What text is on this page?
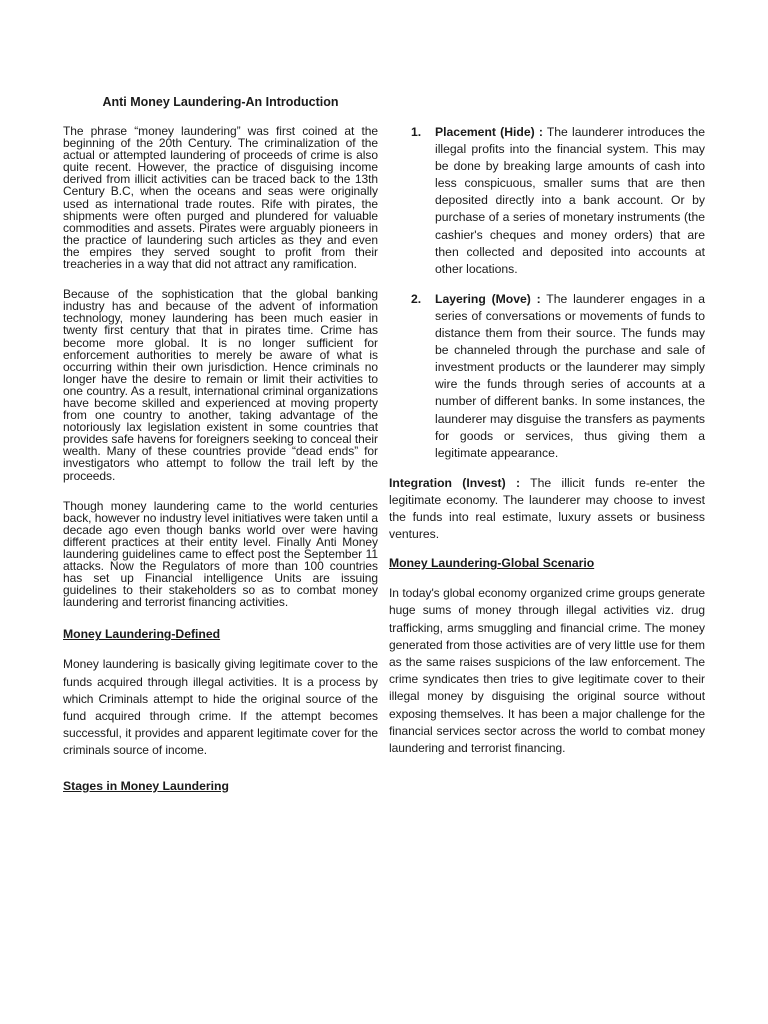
Anti Money Laundering-An Introduction

The phrase “money laundering” was first coined at the beginning of the 20th Century. The criminalization of the actual or attempted laundering of proceeds of crime is also quite recent. However, the practice of disguising income derived from illicit activities can be traced back to the 13th Century B.C, when the oceans and seas were originally used as international trade routes. Rife with pirates, the shipments were often purged and plundered for valuable commodities and assets. Pirates were arguably pioneers in the practice of laundering such articles as they and even the empires they served sought to profit from their treacheries in a way that did not attract any ramification.

Because of the sophistication that the global banking industry has and because of the advent of information technology, money laundering has been much easier in twenty first century that that in pirates time. Crime has become more global. It is no longer sufficient for enforcement authorities to merely be aware of what is occurring within their own jurisdiction. Hence criminals no longer have the desire to remain or limit their activities to one country. As a result, international criminal organizations have become skilled and experienced at moving property from one country to another, taking advantage of the notoriously lax legislation existent in some countries that provides safe havens for foreigners seeking to conceal their wealth. Many of these countries provide “dead ends” for investigators who attempt to follow the trail left by the proceeds.

Though money laundering came to the world centuries back, however no industry level initiatives were taken until a decade ago even though banks world over were having different practices at their entity level. Finally Anti Money laundering guidelines came to effect post the September 11 attacks. Now the Regulators of more than 100 countries has set up Financial intelligence Units are issuing guidelines to their stakeholders so as to combat money laundering and terrorist financing activities.

Money Laundering-Defined

Money laundering is basically giving legitimate cover to the funds acquired through illegal activities. It is a process by which Criminals attempt to hide the original source of the fund acquired through crime. If the attempt becomes successful, it provides and apparent legitimate cover for the criminals source of income.

Stages in Money Laundering
1. Placement (Hide) : The launderer introduces the illegal profits into the financial system. This may be done by breaking large amounts of cash into less conspicuous, smaller sums that are then deposited directly into a bank account. Or by purchase of a series of monetary instruments (the cashier's cheques and money orders) that are then collected and deposited into accounts at other locations.
2. Layering (Move) : The launderer engages in a series of conversations or movements of funds to distance them from their source. The funds may be channeled through the purchase and sale of investment products or the launderer may simply wire the funds through series of accounts at a number of different banks. In some instances, the launderer may disguise the transfers as payments for goods or services, thus giving them a legitimate appearance.

Integration (Invest) : The illicit funds re-enter the legitimate economy. The launderer may choose to invest the funds into real estimate, luxury assets or business ventures.

Money Laundering-Global Scenario

In today's global economy organized crime groups generate huge sums of money through illegal activities viz. drug trafficking, arms smuggling and financial crime. The money generated from those activities are of very little use for them as the same raises suspicions of the law enforcement. The crime syndicates then tries to give legitimate cover to their illegal money by disguising the original source without exposing themselves. It has been a major challenge for the financial services sector across the world to combat money laundering and terrorist financing.
